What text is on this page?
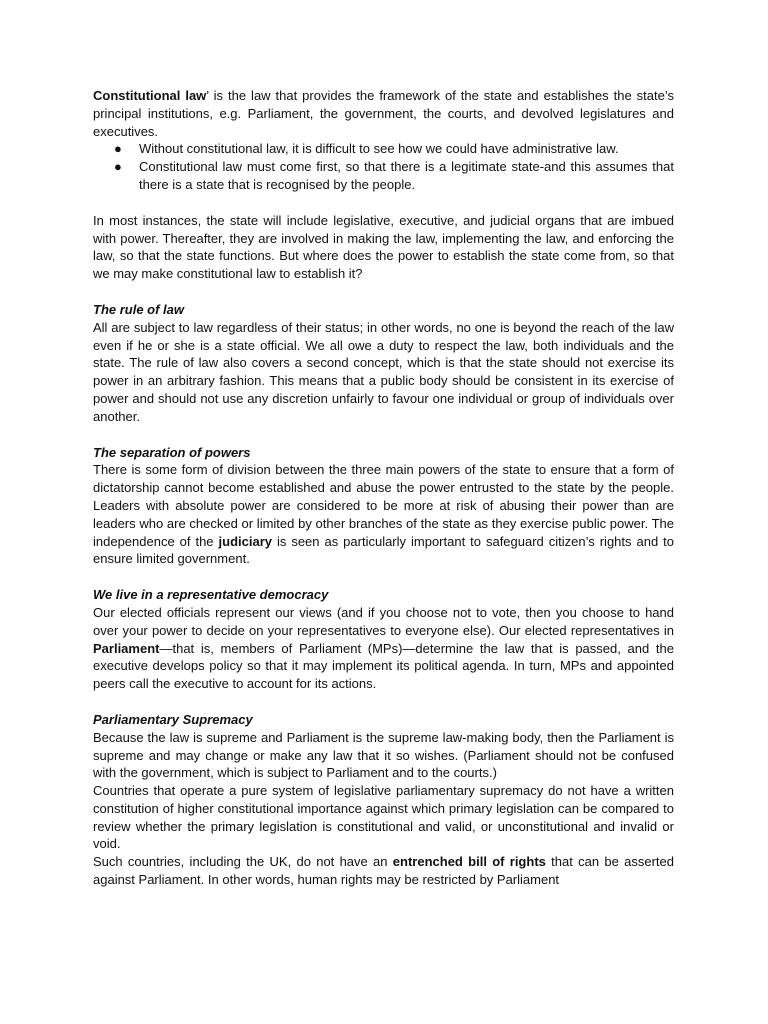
Constitutional law’ is the law that provides the framework of the state and establishes the state’s principal institutions, e.g. Parliament, the government, the courts, and devolved legislatures and executives.

● Without constitutional law, it is difficult to see how we could have administrative law.
● Constitutional law must come first, so that there is a legitimate state-and this assumes that there is a state that is recognised by the people.

In most instances, the state will include legislative, executive, and judicial organs that are imbued with power. Thereafter, they are involved in making the law, implementing the law, and enforcing the law, so that the state functions. But where does the power to establish the state come from, so that we may make constitutional law to establish it?

The rule of law

All are subject to law regardless of their status; in other words, no one is beyond the reach of the law even if he or she is a state official. We all owe a duty to respect the law, both individuals and the state. The rule of law also covers a second concept, which is that the state should not exercise its power in an arbitrary fashion. This means that a public body should be consistent in its exercise of power and should not use any discretion unfairly to favour one individual or group of individuals over another.

The separation of powers

There is some form of division between the three main powers of the state to ensure that a form of dictatorship cannot become established and abuse the power entrusted to the state by the people. Leaders with absolute power are considered to be more at risk of abusing their power than are leaders who are checked or limited by other branches of the state as they exercise public power. The independence of the judiciary is seen as particularly important to safeguard citizen’s rights and to ensure limited government.

We live in a representative democracy

Our elected officials represent our views (and if you choose not to vote, then you choose to hand over your power to decide on your representatives to everyone else). Our elected representatives in Parliament—that is, members of Parliament (MPs)—determine the law that is passed, and the executive develops policy so that it may implement its political agenda. In turn, MPs and appointed peers call the executive to account for its actions.

Parliamentary Supremacy

Because the law is supreme and Parliament is the supreme law-making body, then the Parliament is supreme and may change or make any law that it so wishes. (Parliament should not be confused with the government, which is subject to Parliament and to the courts.)

Countries that operate a pure system of legislative parliamentary supremacy do not have a written constitution of higher constitutional importance against which primary legislation can be compared to review whether the primary legislation is constitutional and valid, or unconstitutional and invalid or void.

Such countries, including the UK, do not have an entrenched bill of rights that can be asserted against Parliament. In other words, human rights may be restricted by Parliament
